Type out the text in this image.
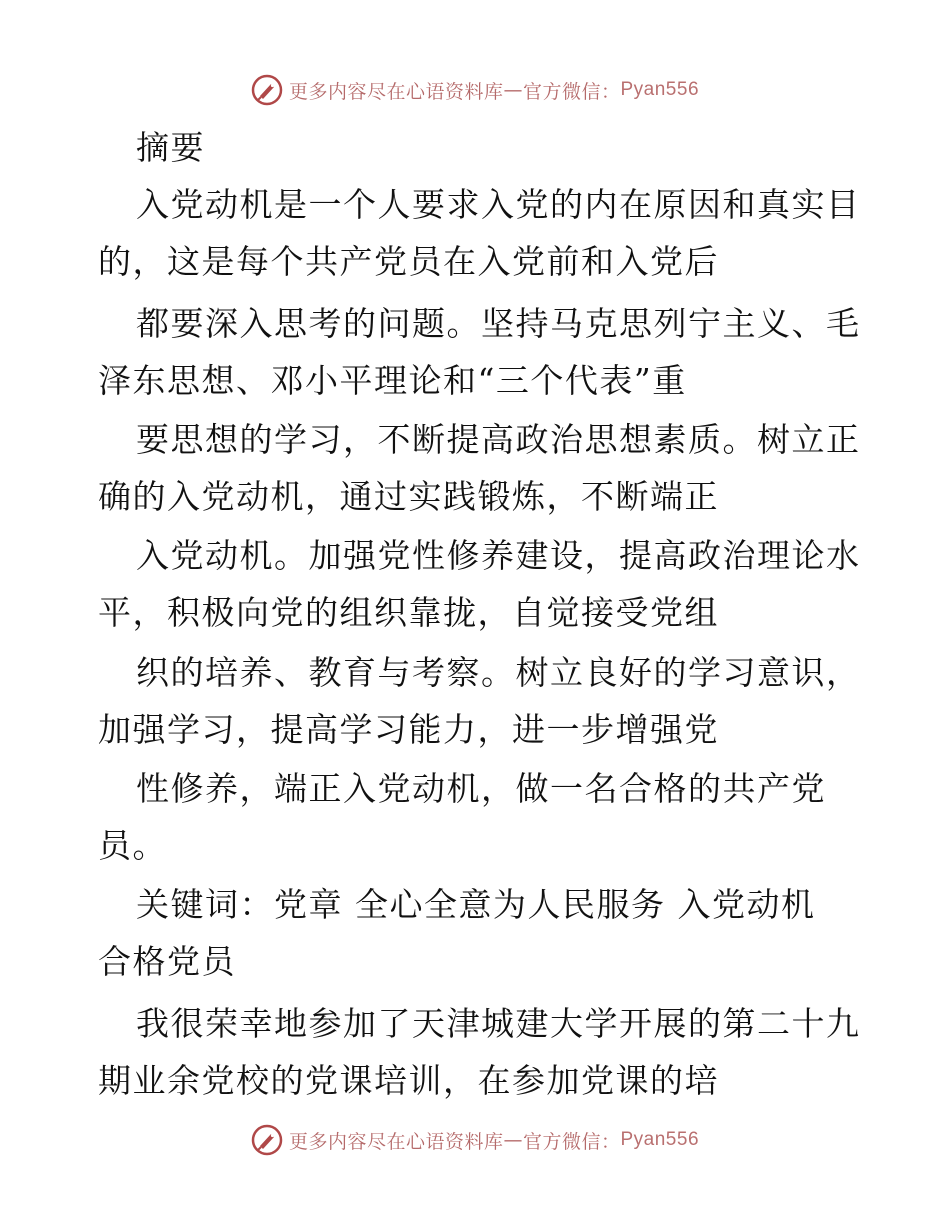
更多内容尽在心语资料库 — 官方微信： Pyan556
摘要
入党动机是一个人要求入党的内在原因和真实目
的，这是每个共产党员在入党前和入党后
都要深入思考的问题。坚持马克思列宁主义、毛
泽东思想、邓小平理论和“三个代表”重
要思想的学习，不断提高政治思想素质。树立正
确的入党动机，通过实践锻炼，不断端正
入党动机。加强党性修养建设，提高政治理论水
平，积极向党的组织靠拢，自觉接受党组
织的培养、教育与考察。树立良好的学习意识，
加强学习，提高学习能力，进一步增强党
性修养，端正入党动机，做一名合格的共产党
员。
关键词：党章 全心全意为人民服务 入党动机
合格党员
我很荣幸地参加了天津城建大学开展的第二十九
期业余党校的党课培训，在参加党课的培
更多内容尽在心语资料库 — 官方微信： Pyan556
